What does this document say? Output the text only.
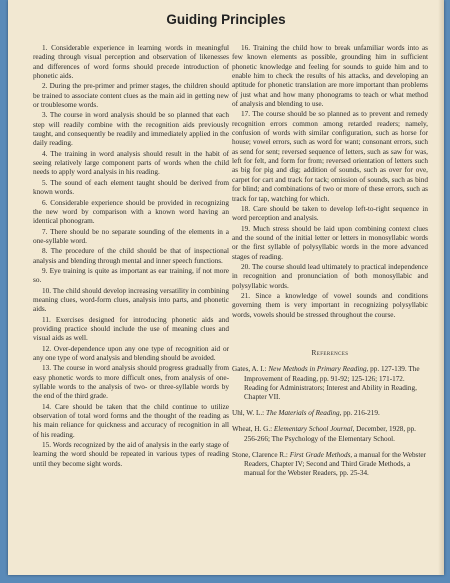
Guiding Principles

1. Considerable experience in learning words in meaningful reading through visual perception and observation of likenesses and differences of word forms should precede introduction of phonetic aids.

2. During the pre-primer and primer stages, the children should be trained to associate content clues as the main aid in getting new or troublesome words.

3. The course in word analysis should be so planned that each step will readily combine with the recognition aids previously taught, and consequently be readily and immediately applied in the daily reading.

4. The training in word analysis should result in the habit of seeing relatively large component parts of words when the child needs to apply word analysis in his reading.

5. The sound of each element taught should be derived from known words.

6. Considerable experience should be provided in recognizing the new word by comparison with a known word having an identical phonogram.

7. There should be no separate sounding of the elements in a one-syllable word.

8. The procedure of the child should be that of inspectional analysis and blending through mental and inner speech functions.

9. Eye training is quite as important as ear training, if not more so.

10. The child should develop increasing versatility in combining meaning clues, word-form clues, analysis into parts, and phonetic aids.

11. Exercises designed for introducing phonetic aids and providing practice should include the use of meaning clues and visual aids as well.

12. Over-dependence upon any one type of recognition aid or any one type of word analysis and blending should be avoided.

13. The course in word analysis should progress gradually from easy phonetic words to more difficult ones, from analysis of one-syllable words to the analysis of two- or three-syllable words by the end of the third grade.

14. Care should be taken that the child continue to utilize observation of total word forms and the thought of the reading as his main reliance for quickness and accuracy of recognition in all of his reading.

15. Words recognized by the aid of analysis in the early stage of learning the word should be repeated in various types of reading until they become sight words.

16. Training the child how to break unfamiliar words into as few known elements as possible, grounding him in sufficient phonetic knowledge and feeling for sounds to guide him and to enable him to check the results of his attacks, and developing an aptitude for phonetic translation are more important than problems of just what and how many phonograms to teach or what method of analysis and blending to use.

17. The course should be so planned as to prevent and remedy recognition errors common among retarded readers; namely, confusion of words with similar configuration, such as horse for house; vowel errors, such as word for want; consonant errors, such as send for sent; reversed sequence of letters, such as saw for was, left for felt, and form for from; reversed orientation of letters such as big for pig and dig; addition of sounds, such as over for ove, carpet for cart and track for tack; omission of sounds, such as bind for blind; and combinations of two or more of these errors, such as track for tap, watching for which.

18. Care should be taken to develop left-to-right sequence in word perception and analysis.

19. Much stress should be laid upon combining context clues and the sound of the initial letter or letters in monosyllabic words or the first syllable of polysyllabic words in the more advanced stages of reading.

20. The course should lead ultimately to practical independence in recognition and pronunciation of both monosyllabic and polysyllabic words.

21. Since a knowledge of vowel sounds and conditions governing them is very important in recognizing polysyllabic words, vowels should be stressed throughout the course.

References
Gates, A. I.: New Methods in Primary Reading, pp. 127-139. The Improvement of Reading, pp. 91-92; 125-126; 171-172. Reading for Administrators; Interest and Ability in Reading, Chapter VII.
Uhl, W. L.: The Materials of Reading, pp. 216-219.
Wheat, H. G.: Elementary School Journal, December, 1928, pp. 256-266; The Psychology of the Elementary School.
Stone, Clarence R.: First Grade Methods, a manual for the Webster Readers, Chapter IV; Second and Third Grade Methods, a manual for the Webster Readers, pp. 25-34.
